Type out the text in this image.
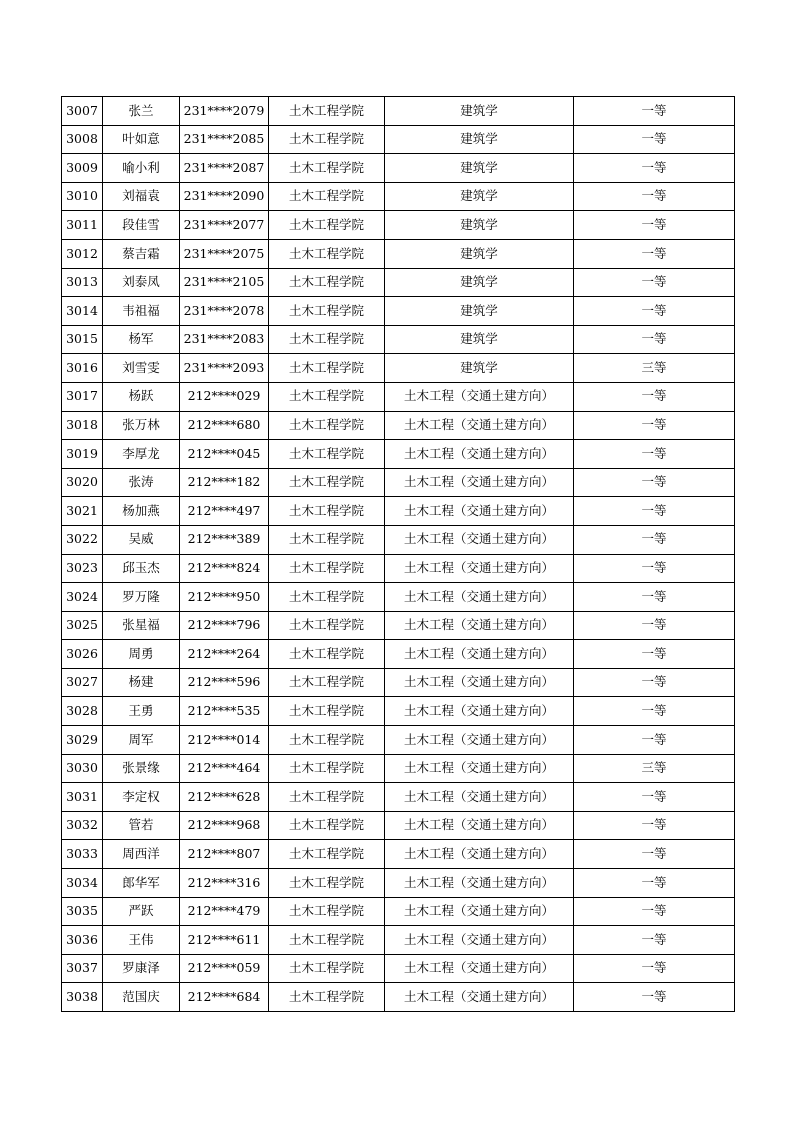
3007	张兰	231****2079	土木工程学院	建筑学	一等
3008	叶如意	231****2085	土木工程学院	建筑学	一等
3009	喻小利	231****2087	土木工程学院	建筑学	一等
3010	刘福袁	231****2090	土木工程学院	建筑学	一等
3011	段佳雪	231****2077	土木工程学院	建筑学	一等
3012	蔡吉霜	231****2075	土木工程学院	建筑学	一等
3013	刘泰凤	231****2105	土木工程学院	建筑学	一等
3014	韦祖福	231****2078	土木工程学院	建筑学	一等
3015	杨军	231****2083	土木工程学院	建筑学	一等
3016	刘雪雯	231****2093	土木工程学院	建筑学	三等
3017	杨跃	212****029	土木工程学院	土木工程（交通土建方向）	一等
3018	张万林	212****680	土木工程学院	土木工程（交通土建方向）	一等
3019	李厚龙	212****045	土木工程学院	土木工程（交通土建方向）	一等
3020	张涛	212****182	土木工程学院	土木工程（交通土建方向）	一等
3021	杨加燕	212****497	土木工程学院	土木工程（交通土建方向）	一等
3022	吴威	212****389	土木工程学院	土木工程（交通土建方向）	一等
3023	邱玉杰	212****824	土木工程学院	土木工程（交通土建方向）	一等
3024	罗万隆	212****950	土木工程学院	土木工程（交通土建方向）	一等
3025	张星福	212****796	土木工程学院	土木工程（交通土建方向）	一等
3026	周勇	212****264	土木工程学院	土木工程（交通土建方向）	一等
3027	杨建	212****596	土木工程学院	土木工程（交通土建方向）	一等
3028	王勇	212****535	土木工程学院	土木工程（交通土建方向）	一等
3029	周军	212****014	土木工程学院	土木工程（交通土建方向）	一等
3030	张景缘	212****464	土木工程学院	土木工程（交通土建方向）	三等
3031	李定权	212****628	土木工程学院	土木工程（交通土建方向）	一等
3032	管若	212****968	土木工程学院	土木工程（交通土建方向）	一等
3033	周西洋	212****807	土木工程学院	土木工程（交通土建方向）	一等
3034	郎华军	212****316	土木工程学院	土木工程（交通土建方向）	一等
3035	严跃	212****479	土木工程学院	土木工程（交通土建方向）	一等
3036	王伟	212****611	土木工程学院	土木工程（交通土建方向）	一等
3037	罗康泽	212****059	土木工程学院	土木工程（交通土建方向）	一等
3038	范国庆	212****684	土木工程学院	土木工程（交通土建方向）	一等
